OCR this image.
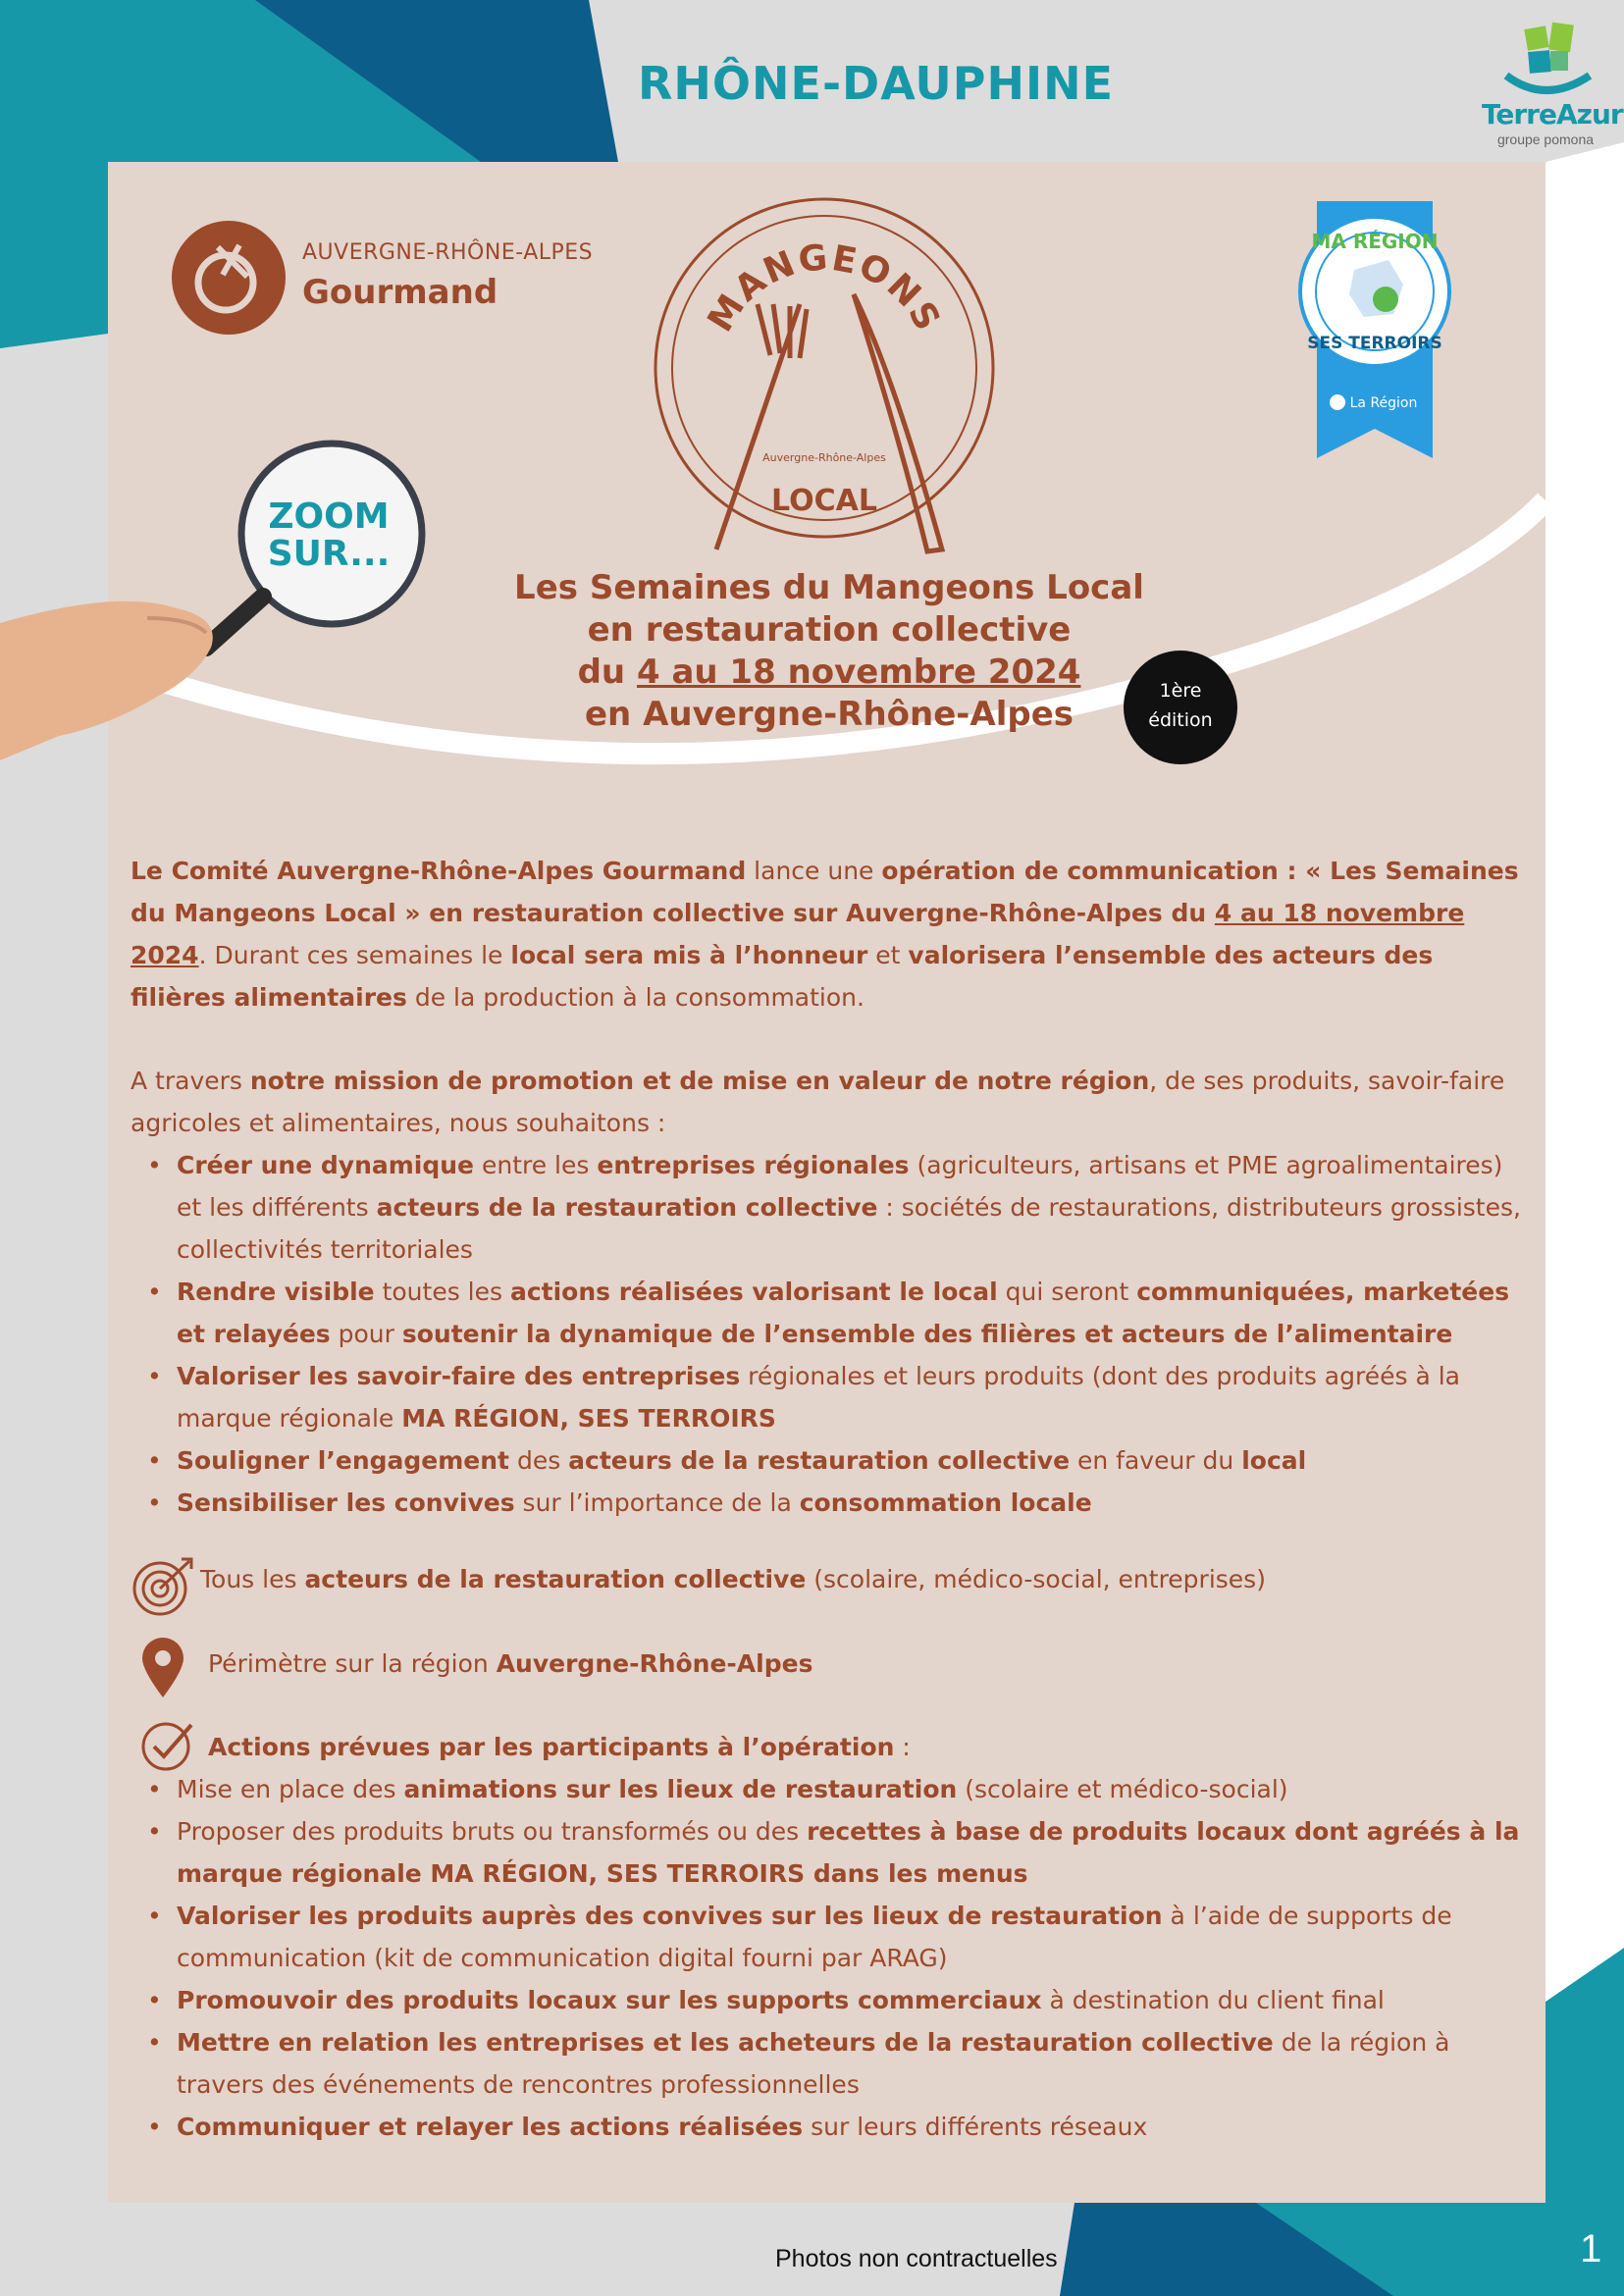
RHÔNE-DAUPHINE
TerreAzur
groupe pomona
AUVERGNE-RHÔNE-ALPES
Gourmand	MANGEONS
Auvergne-Rhône-Alpes
LOCAL
MA RÉGION
SES TERROIRS
La Région
ZOOM
SUR...
Les Semaines du Mangeons Local
en restauration collective
du 4 au 18 novembre 2024
en Auvergne-Rhône-Alpes
1ère
édition
Le Comité Auvergne-Rhône-Alpes Gourmand lance une opération de communication : « Les Semaines du Mangeons Local » en restauration collective sur Auvergne-Rhône-Alpes du 4 au 18 novembre 2024. Durant ces semaines le local sera mis à l’honneur et valorisera l’ensemble des acteurs des filières alimentaires de la production à la consommation.
A travers notre mission de promotion et de mise en valeur de notre région, de ses produits, savoir-faire agricoles et alimentaires, nous souhaitons :
• Créer une dynamique entre les entreprises régionales (agriculteurs, artisans et PME agroalimentaires) et les différents acteurs de la restauration collective : sociétés de restaurations, distributeurs grossistes, collectivités territoriales
• Rendre visible toutes les actions réalisées valorisant le local qui seront communiquées, marketées et relayées pour soutenir la dynamique de l’ensemble des filières et acteurs de l’alimentaire
• Valoriser les savoir-faire des entreprises régionales et leurs produits (dont des produits agréés à la marque régionale MA RÉGION, SES TERROIRS
• Souligner l’engagement des acteurs de la restauration collective en faveur du local
• Sensibiliser les convives sur l’importance de la consommation locale
Tous les acteurs de la restauration collective (scolaire, médico-social, entreprises)
Périmètre sur la région Auvergne-Rhône-Alpes
Actions prévues par les participants à l’opération :
• Mise en place des animations sur les lieux de restauration (scolaire et médico-social)
• Proposer des produits bruts ou transformés ou des recettes à base de produits locaux dont agréés à la marque régionale MA RÉGION, SES TERROIRS dans les menus
• Valoriser les produits auprès des convives sur les lieux de restauration à l’aide de supports de communication (kit de communication digital fourni par ARAG)
• Promouvoir des produits locaux sur les supports commerciaux à destination du client final
• Mettre en relation les entreprises et les acheteurs de la restauration collective de la région à travers des événements de rencontres professionnelles
• Communiquer et relayer les actions réalisées sur leurs différents réseaux
Photos non contractuelles	1
